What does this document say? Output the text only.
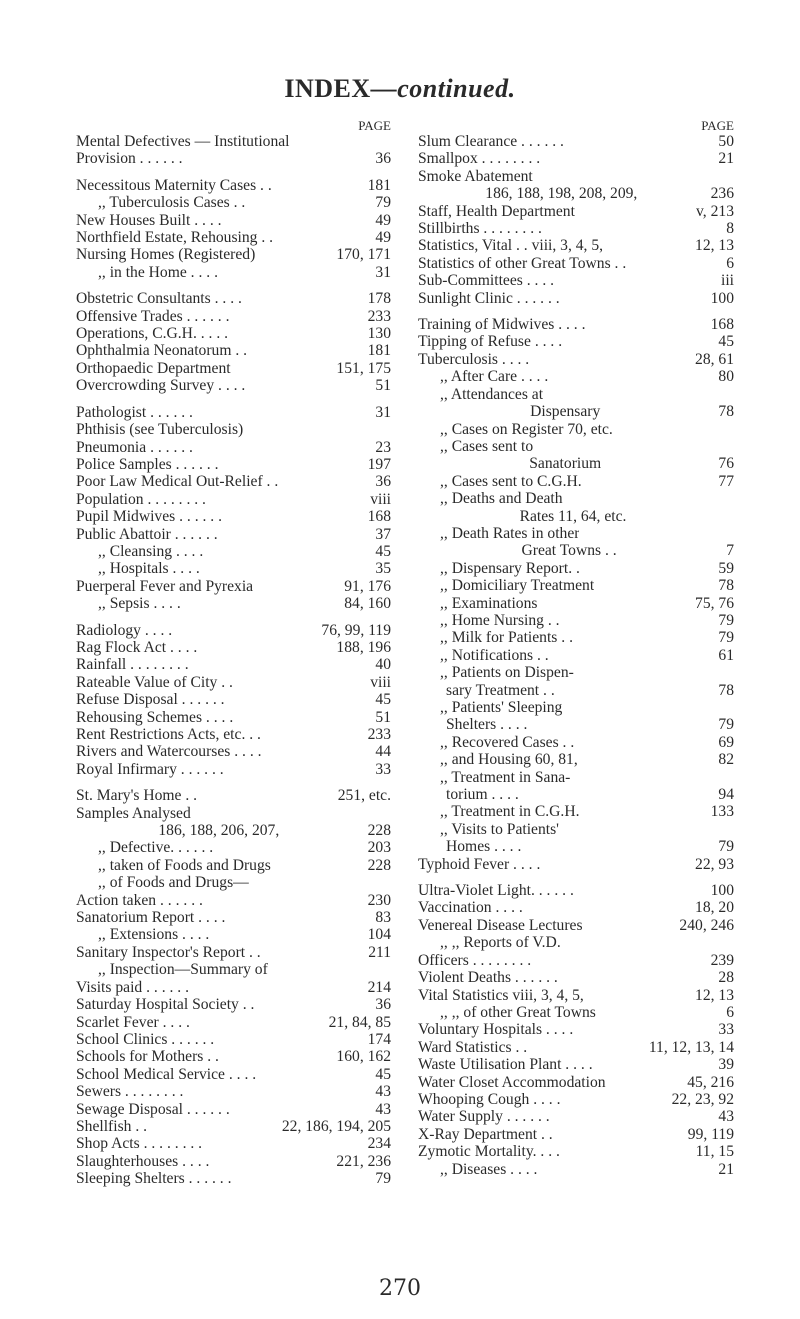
INDEX—continued.
PAGE
Mental Defectives — Institutional
Provision . . . . . .	36
Necessitous Maternity Cases . .	181
,, Tuberculosis Cases . .	79
New Houses Built . . . .	49
Northfield Estate, Rehousing . .	49
Nursing Homes (Registered)	170, 171
,, in the Home . . . .	31
Obstetric Consultants . . . .	178
Offensive Trades . . . . . .	233
Operations, C.G.H. . . . .	130
Ophthalmia Neonatorum . .	181
Orthopaedic Department	151, 175
Overcrowding Survey . . . .	51
Pathologist . . . . . .	31
Phthisis (see Tuberculosis)
Pneumonia . . . . . .	23
Police Samples . . . . . .	197
Poor Law Medical Out-Relief . .	36
Population . . . . . . . .	viii
Pupil Midwives . . . . . .	168
Public Abattoir . . . . . .	37
,, Cleansing . . . .	45
,, Hospitals . . . .	35
Puerperal Fever and Pyrexia	91, 176
,, Sepsis . . . .	84, 160
Radiology . . . .	76, 99, 119
Rag Flock Act . . . .	188, 196
Rainfall . . . . . . . .	40
Rateable Value of City . .	viii
Refuse Disposal . . . . . .	45
Rehousing Schemes . . . .	51
Rent Restrictions Acts, etc. . .	233
Rivers and Watercourses . . . .	44
Royal Infirmary . . . . . .	33
St. Mary's Home . .	251, etc.
Samples Analysed
186, 188, 206, 207,	228
,, Defective. . . . . .	203
,, taken of Foods and Drugs	228
,, of Foods and Drugs—
Action taken . . . . . .	230
Sanatorium Report . . . .	83
,, Extensions . . . .	104
Sanitary Inspector's Report . .	211
,, Inspection—Summary of
Visits paid . . . . . .	214
Saturday Hospital Society . .	36
Scarlet Fever . . . .	21, 84, 85
School Clinics . . . . . .	174
Schools for Mothers . .	160, 162
School Medical Service . . . .	45
Sewers . . . . . . . .	43
Sewage Disposal . . . . . .	43
Shellfish . .	22, 186, 194, 205
Shop Acts . . . . . . . .	234
Slaughterhouses . . . .	221, 236
Sleeping Shelters . . . . . .	79
PAGE
Slum Clearance . . . . . .	50
Smallpox . . . . . . . .	21
Smoke Abatement
186, 188, 198, 208, 209,	236
Staff, Health Department	v, 213
Stillbirths . . . . . . . .	8
Statistics, Vital . . viii, 3, 4, 5,	12, 13
Statistics of other Great Towns . .	6
Sub-Committees . . . .	iii
Sunlight Clinic . . . . . .	100
Training of Midwives . . . .	168
Tipping of Refuse . . . .	45
Tuberculosis . . . .	28, 61
,, After Care . . . .	80
,, Attendances at
Dispensary	78
,, Cases on Register 70, etc.
,, Cases sent to
Sanatorium	76
,, Cases sent to C.G.H.	77
,, Deaths and Death
Rates 11, 64, etc.
,, Death Rates in other
Great Towns . .	7
,, Dispensary Report. .	59
,, Domiciliary Treatment	78
,, Examinations	75, 76
,, Home Nursing . .	79
,, Milk for Patients . .	79
,, Notifications . .	61
,, Patients on Dispen-
sary Treatment . .	78
,, Patients' Sleeping
Shelters . . . .	79
,, Recovered Cases . .	69
,, and Housing 60, 81,	82
,, Treatment in Sana-
torium . . . .	94
,, Treatment in C.G.H.	133
,, Visits to Patients'
Homes . . . .	79
Typhoid Fever . . . .	22, 93
Ultra-Violet Light. . . . . .	100
Vaccination . . . .	18, 20
Venereal Disease Lectures	240, 246
,, ,, Reports of V.D.
Officers . . . . . . . .	239
Violent Deaths . . . . . .	28
Vital Statistics viii, 3, 4, 5,	12, 13
,, ,, of other Great Towns	6
Voluntary Hospitals . . . .	33
Ward Statistics . .	11, 12, 13, 14
Waste Utilisation Plant . . . .	39
Water Closet Accommodation	45, 216
Whooping Cough . . . .	22, 23, 92
Water Supply . . . . . .	43
X-Ray Department . .	99, 119
Zymotic Mortality. . . .	11, 15
,, Diseases . . . .	21
270
